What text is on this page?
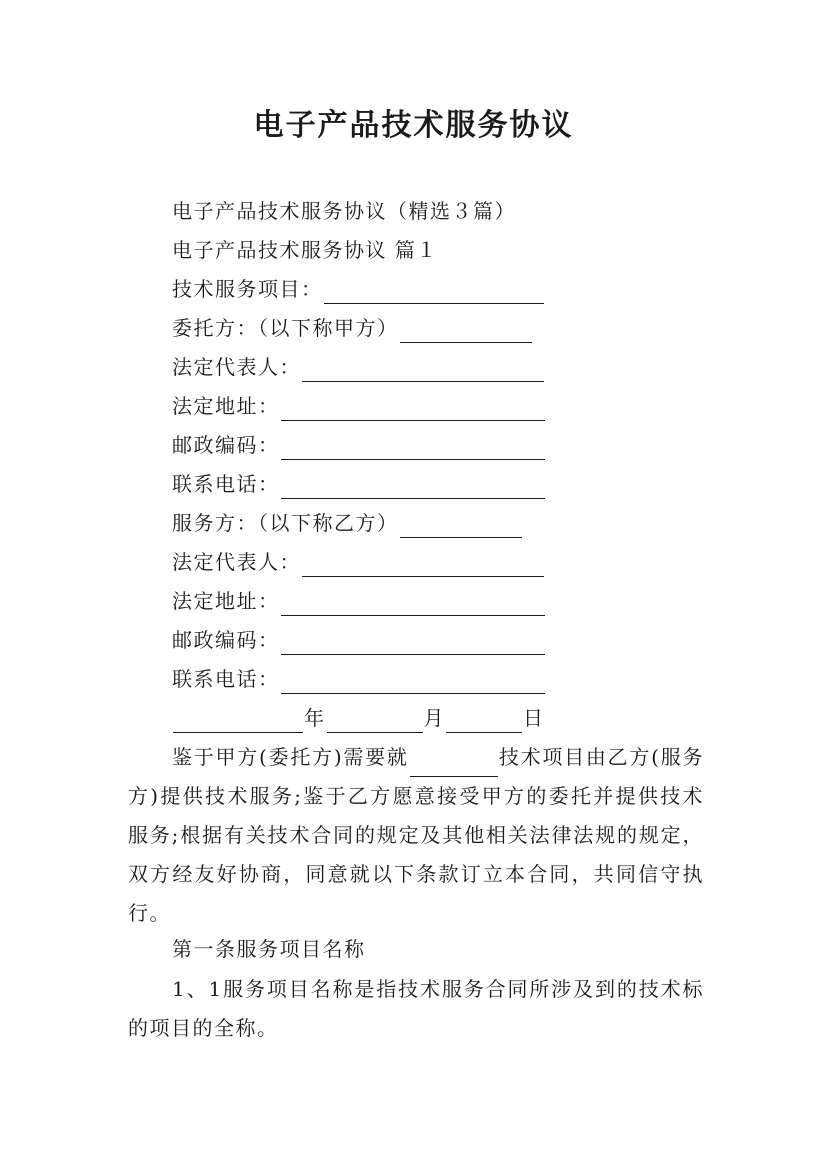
电子产品技术服务协议
电子产品技术服务协议（精选３篇）
电子产品技术服务协议 篇１
技术服务项目：
委托方：（以下称甲方）
法定代表人：
法定地址：
邮政编码：
联系电话：
服务方：（以下称乙方）
法定代表人：
法定地址：
邮政编码：
联系电话：
年	月	日

鉴于甲方(委托方)需要就	技术项目由乙方(服务方)提供技术服务;鉴于乙方愿意接受甲方的委托并提供技术服务;根据有关技术合同的规定及其他相关法律法规的规定，双方经友好协商，同意就以下条款订立本合同，共同信守执行。

第一条服务项目名称

1、1服务项目名称是指技术服务合同所涉及到的技术标的项目的全称。
